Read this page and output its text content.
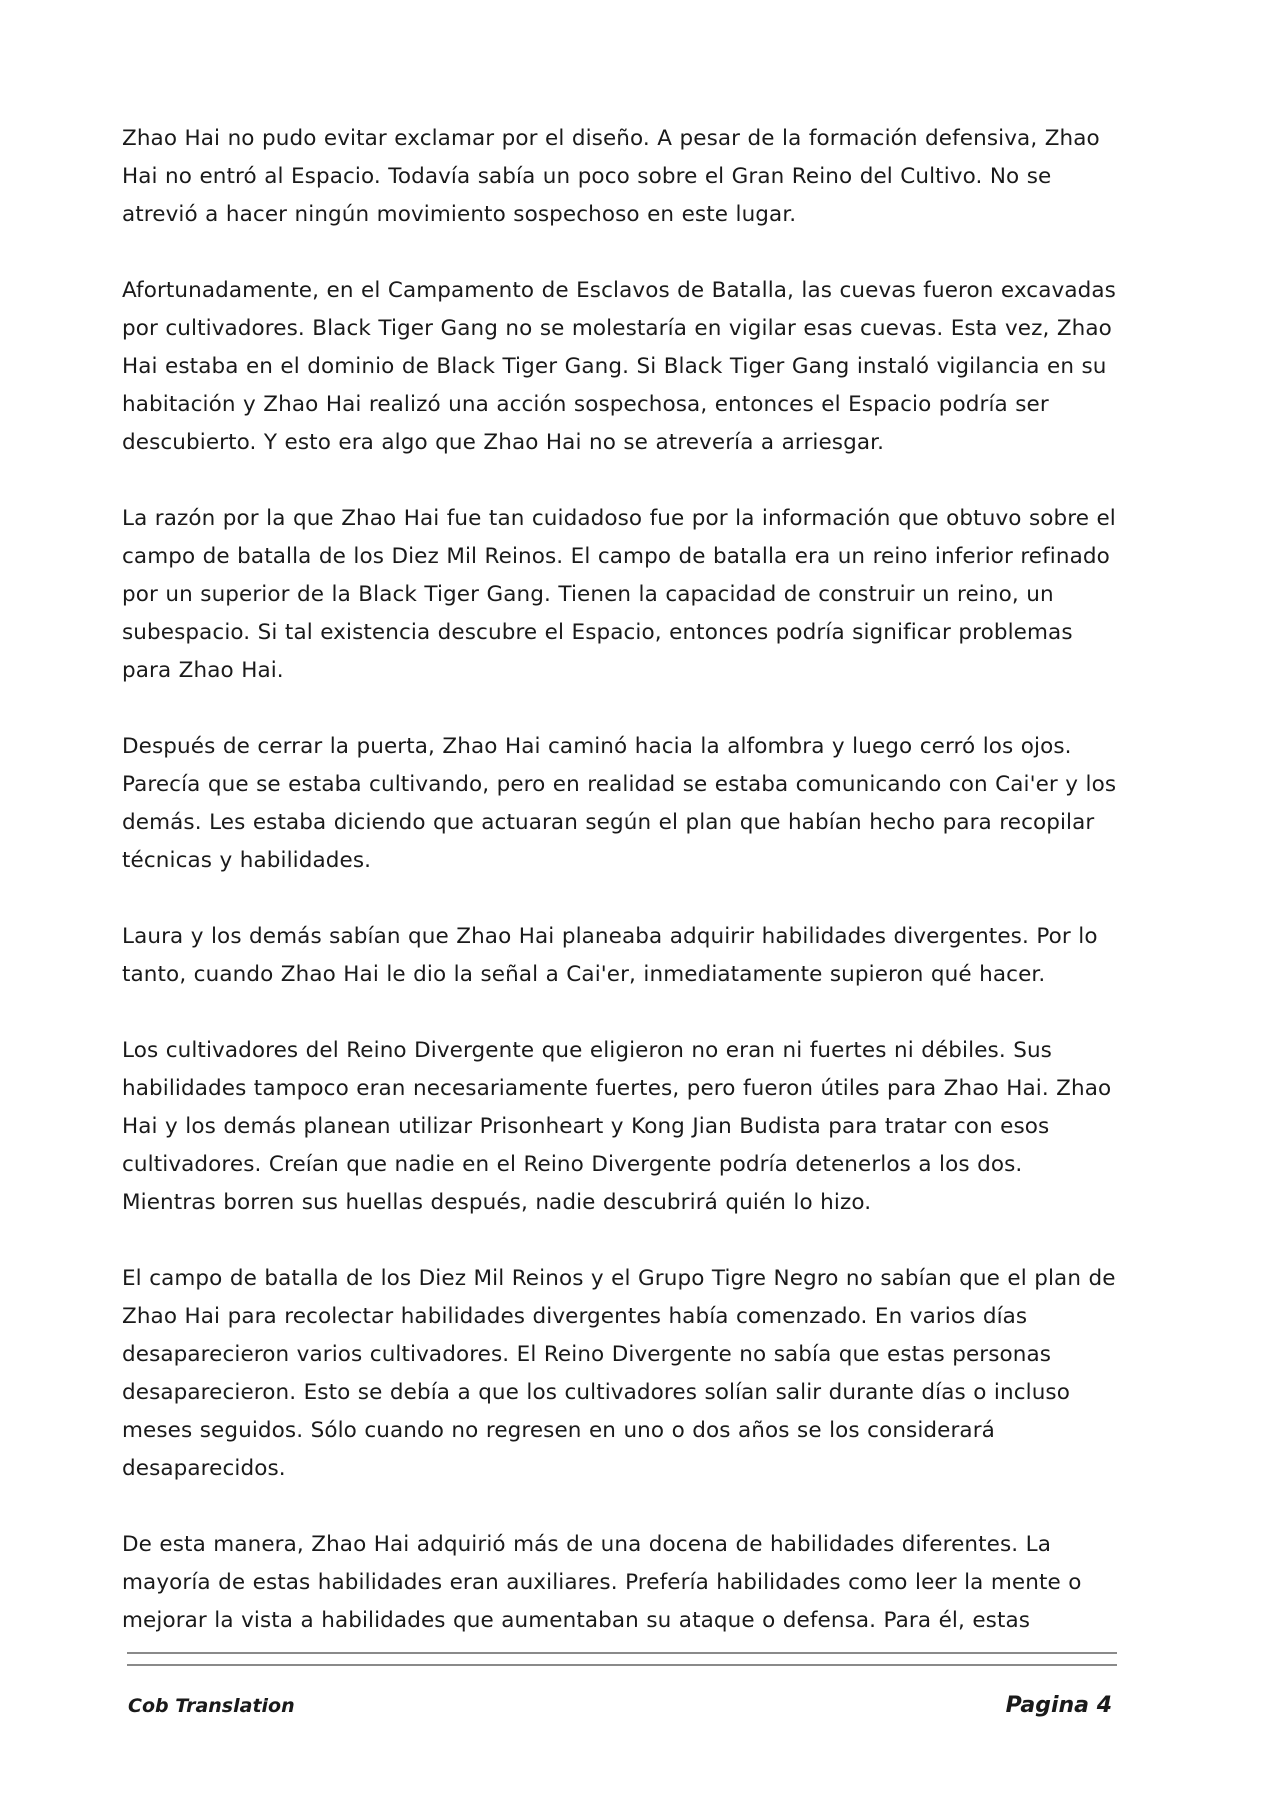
Zhao Hai no pudo evitar exclamar por el diseño. A pesar de la formación defensiva, Zhao Hai no entró al Espacio. Todavía sabía un poco sobre el Gran Reino del Cultivo. No se atrevió a hacer ningún movimiento sospechoso en este lugar.

Afortunadamente, en el Campamento de Esclavos de Batalla, las cuevas fueron excavadas por cultivadores. Black Tiger Gang no se molestaría en vigilar esas cuevas. Esta vez, Zhao Hai estaba en el dominio de Black Tiger Gang. Si Black Tiger Gang instaló vigilancia en su habitación y Zhao Hai realizó una acción sospechosa, entonces el Espacio podría ser descubierto. Y esto era algo que Zhao Hai no se atrevería a arriesgar.

La razón por la que Zhao Hai fue tan cuidadoso fue por la información que obtuvo sobre el campo de batalla de los Diez Mil Reinos. El campo de batalla era un reino inferior refinado por un superior de la Black Tiger Gang. Tienen la capacidad de construir un reino, un subespacio. Si tal existencia descubre el Espacio, entonces podría significar problemas para Zhao Hai.

Después de cerrar la puerta, Zhao Hai caminó hacia la alfombra y luego cerró los ojos. Parecía que se estaba cultivando, pero en realidad se estaba comunicando con Cai'er y los demás. Les estaba diciendo que actuaran según el plan que habían hecho para recopilar técnicas y habilidades.

Laura y los demás sabían que Zhao Hai planeaba adquirir habilidades divergentes. Por lo tanto, cuando Zhao Hai le dio la señal a Cai'er, inmediatamente supieron qué hacer.

Los cultivadores del Reino Divergente que eligieron no eran ni fuertes ni débiles. Sus habilidades tampoco eran necesariamente fuertes, pero fueron útiles para Zhao Hai. Zhao Hai y los demás planean utilizar Prisonheart y Kong Jian Budista para tratar con esos cultivadores. Creían que nadie en el Reino Divergente podría detenerlos a los dos. Mientras borren sus huellas después, nadie descubrirá quién lo hizo.

El campo de batalla de los Diez Mil Reinos y el Grupo Tigre Negro no sabían que el plan de Zhao Hai para recolectar habilidades divergentes había comenzado. En varios días desaparecieron varios cultivadores. El Reino Divergente no sabía que estas personas desaparecieron. Esto se debía a que los cultivadores solían salir durante días o incluso meses seguidos. Sólo cuando no regresen en uno o dos años se los considerará desaparecidos.

De esta manera, Zhao Hai adquirió más de una docena de habilidades diferentes. La mayoría de estas habilidades eran auxiliares. Prefería habilidades como leer la mente o mejorar la vista a habilidades que aumentaban su ataque o defensa. Para él, estas

Cob Translation	Pagina 4
